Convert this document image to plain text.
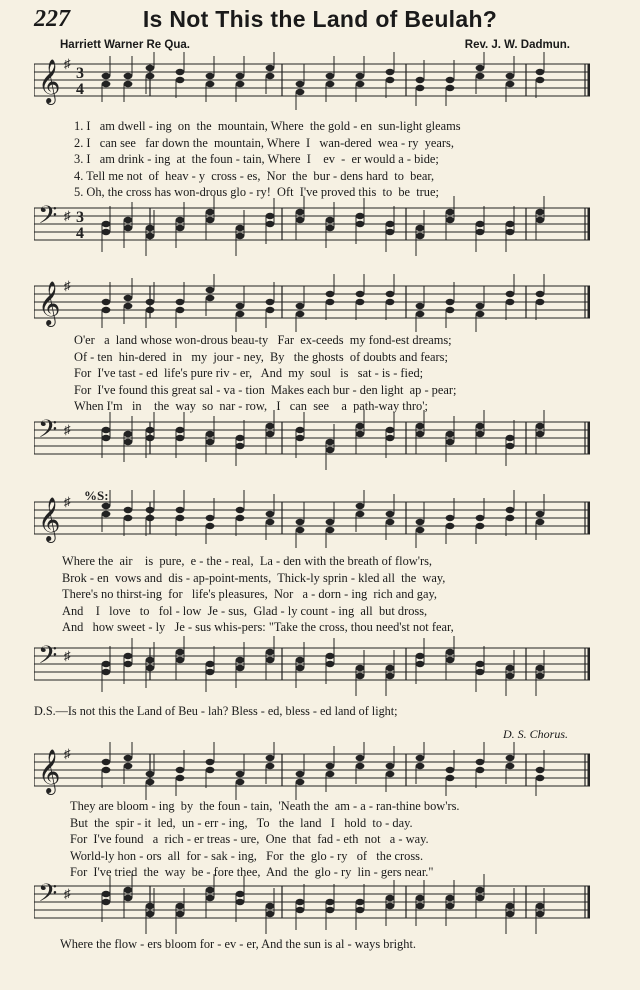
227	Is Not This the Land of Beulah?
Harriett Warner Re Qua.	Rev. J. W. Dadmun.
𝄞 ♯
3
4
1. I   am dwell - ing  on  the  mountain, Where  the gold - en  sun-light gleams
2. I   can see   far down the  mountain, Where  I   wan-dered  wea - ry  years,
3. I   am drink - ing  at  the foun - tain, Where  I    ev  -  er would a - bide;
4. Tell me not  of  heav - y  cross - es,  Nor  the  bur - dens hard  to  bear,
5. Oh, the cross has won-drous glo - ry!  Oft  I've proved this  to  be  true;
𝄢 ♯ 3
4
𝄞 ♯
O'er   a  land whose won-drous beau-ty   Far  ex-ceeds  my fond-est dreams;
Of - ten  hin-dered  in   my  jour - ney,  By   the ghosts  of doubts and fears;
For  I've tast - ed  life's pure riv - er,   And  my  soul   is   sat - is - fied;
For  I've found this great sal - va - tion  Makes each bur - den light  ap - pear;
When I'm   in    the  way  so  nar - row,   I   can  see    a  path-way thro';
𝄢 ♯
𝄞 ♯ %S:
Where the  air    is  pure,  e - the - real,  La - den with the breath of flow'rs,
Brok - en  vows and  dis - ap-point-ments,  Thick-ly sprin - kled all  the  way,
There's no thirst-ing  for   life's pleasures,  Nor   a - dorn - ing  rich and gay,
And    I   love   to   fol - low  Je - sus,  Glad - ly count - ing  all  but dross,
And   how sweet - ly   Je - sus whis-pers: "Take the cross, thou need'st not fear,
𝄢 ♯
D.S.—Is not this the Land of Beu - lah? Bless - ed, bless - ed land of light;
D. S. Chorus.
𝄞 ♯
They are bloom - ing  by  the foun - tain,  'Neath the  am - a - ran-thine bow'rs.
But  the  spir - it  led,  un - err - ing,   To   the  land   I   hold  to - day.
For  I've found   a  rich - er treas - ure,  One  that  fad - eth  not   a - way.
World-ly hon - ors  all  for - sak - ing,   For  the  glo - ry   of   the cross.
For  I've tried  the  way  be - fore thee,  And  the  glo - ry  lin - gers near."
𝄢 ♯
Where the flow - ers bloom for - ev - er, And the sun is al - ways bright.
